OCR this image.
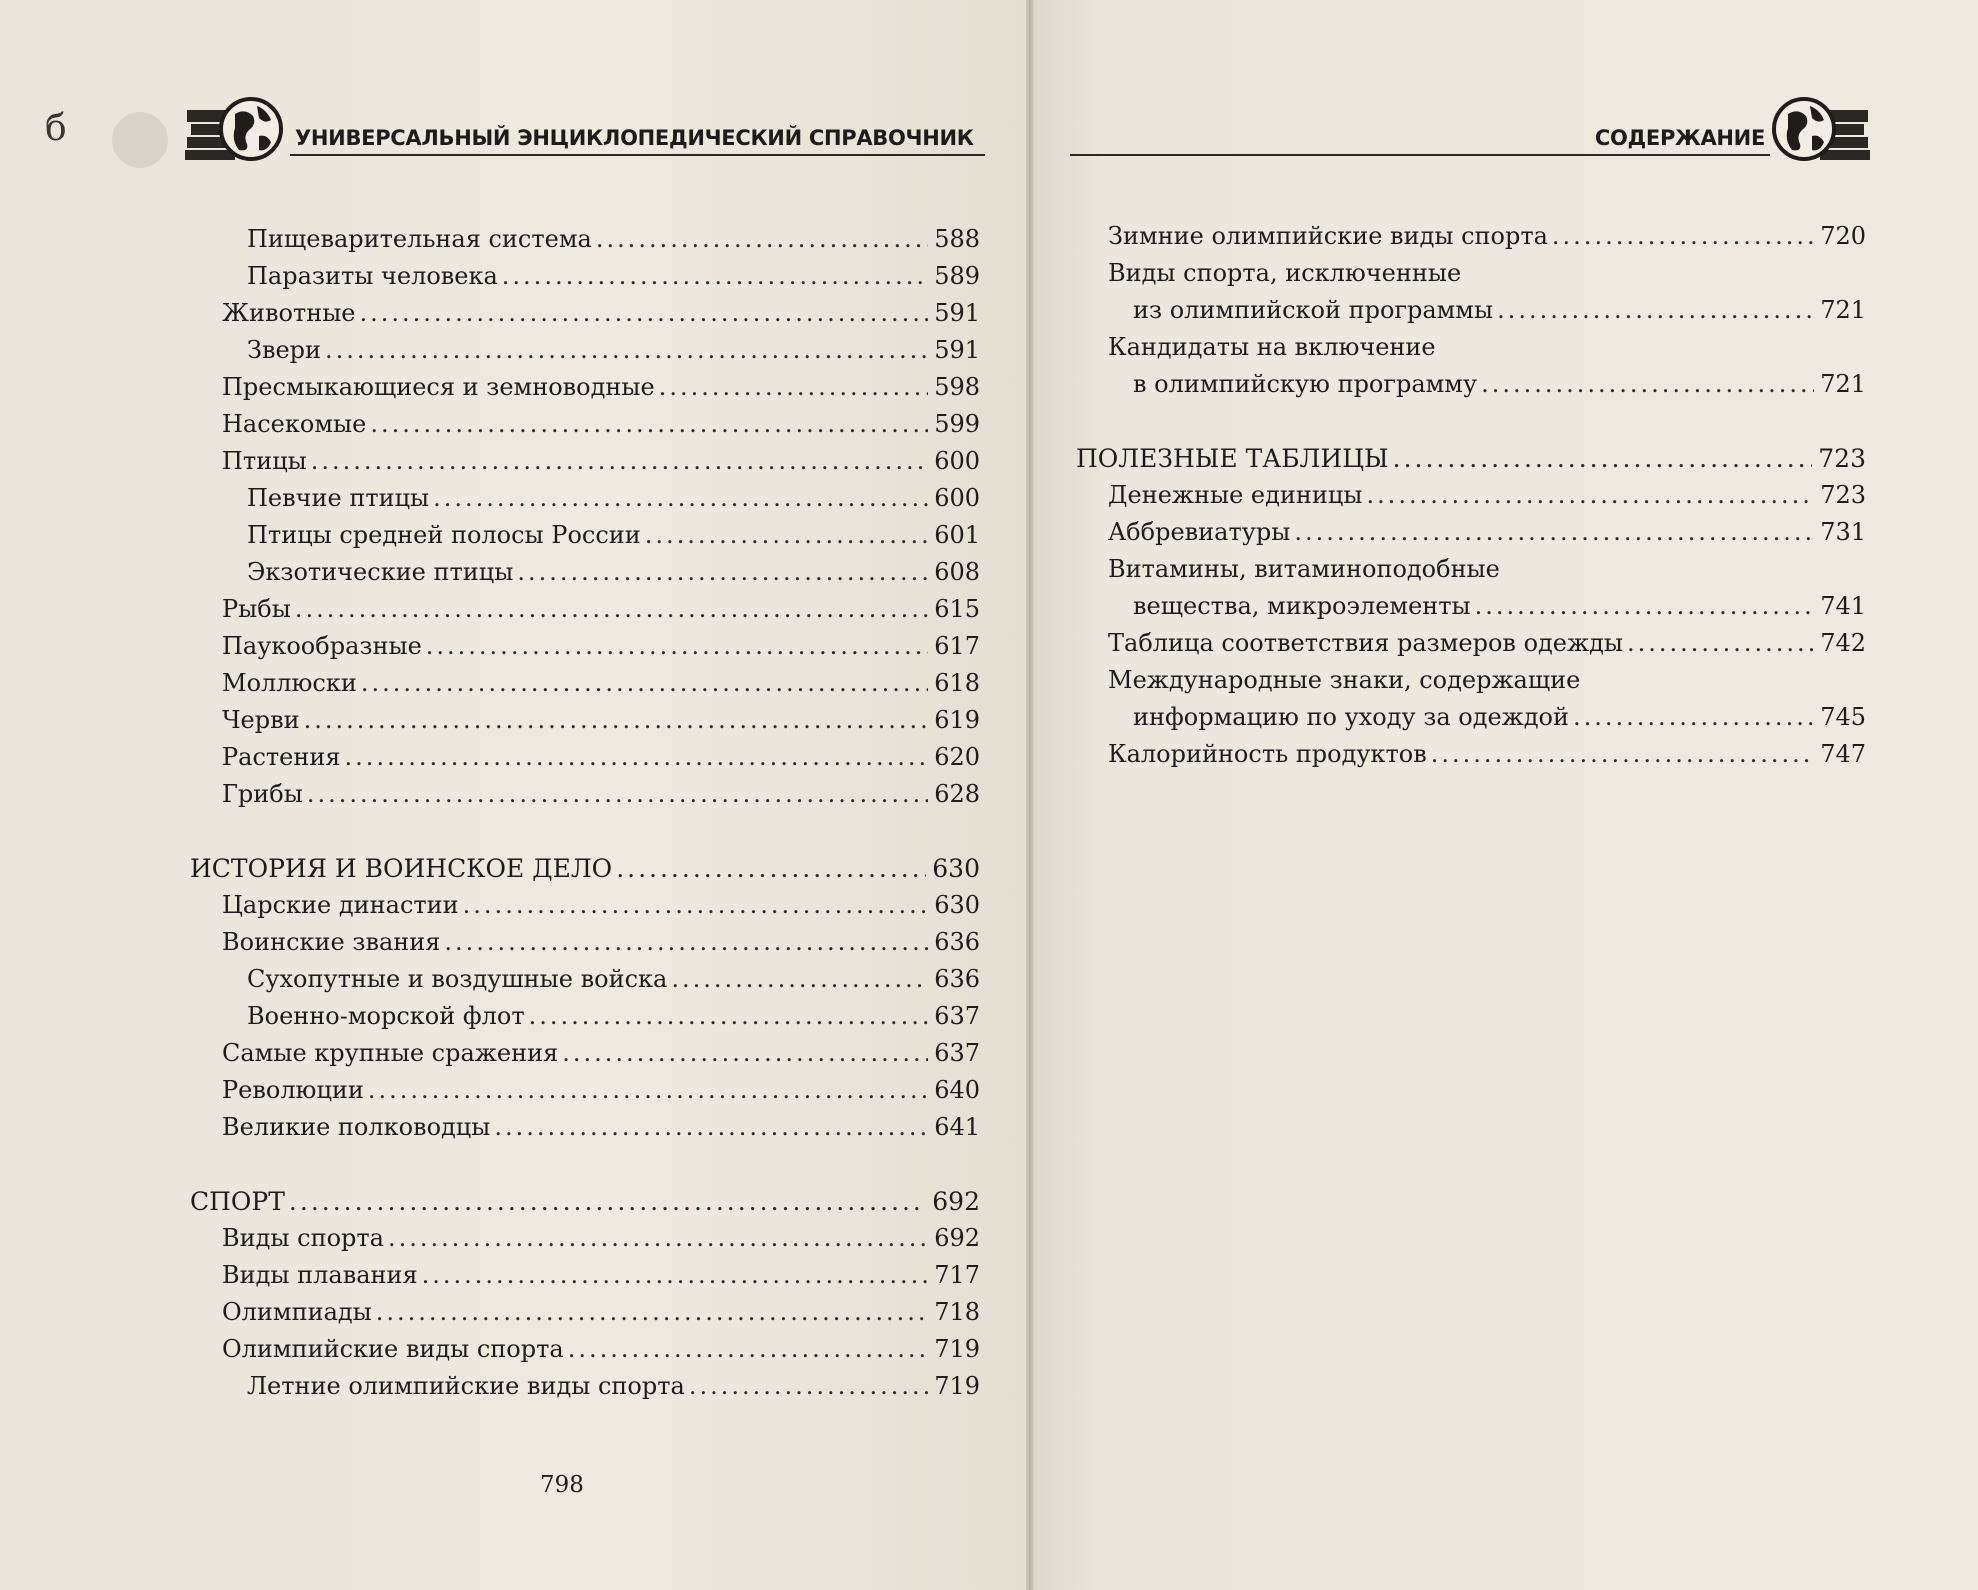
б	УНИВЕРСАЛЬНЫЙ ЭНЦИКЛОПЕДИЧЕСКИЙ СПРАВОЧНИК	СОДЕРЖАНИЕ
Пищеварительная система .....	588
Паразиты человека .....	589
Животные .....	591
Звери .....	591
Пресмыкающиеся и земноводные .....	598
Насекомые .....	599
Птицы .....	600
Певчие птицы .....	600
Птицы средней полосы России .....	601
Экзотические птицы .....	608
Рыбы .....	615
Паукообразные .....	617
Моллюски .....	618
Черви .....	619
Растения .....	620
Грибы .....	628
ИСТОРИЯ И ВОИНСКОЕ ДЕЛО .....	630
Царские династии .....	630
Воинские звания .....	636
Сухопутные и воздушные войска .....	636
Военно-морской флот .....	637
Самые крупные сражения .....	637
Революции .....	640
Великие полководцы .....	641
СПОРТ .....	692
Виды спорта .....	692
Виды плавания .....	717
Олимпиады .....	718
Олимпийские виды спорта .....	719
Летние олимпийские виды спорта .....	719
798
Зимние олимпийские виды спорта .....	720
Виды спорта, исключенные
из олимпийской программы .....	721
Кандидаты на включение
в олимпийскую программу .....	721
ПОЛЕЗНЫЕ ТАБЛИЦЫ .....	723
Денежные единицы .....	723
Аббревиатуры .....	731
Витамины, витаминоподобные
вещества, микроэлементы .....	741
Таблица соответствия размеров одежды .....	742
Международные знаки, содержащие
информацию по уходу за одеждой .....	745
Калорийность продуктов .....	747
